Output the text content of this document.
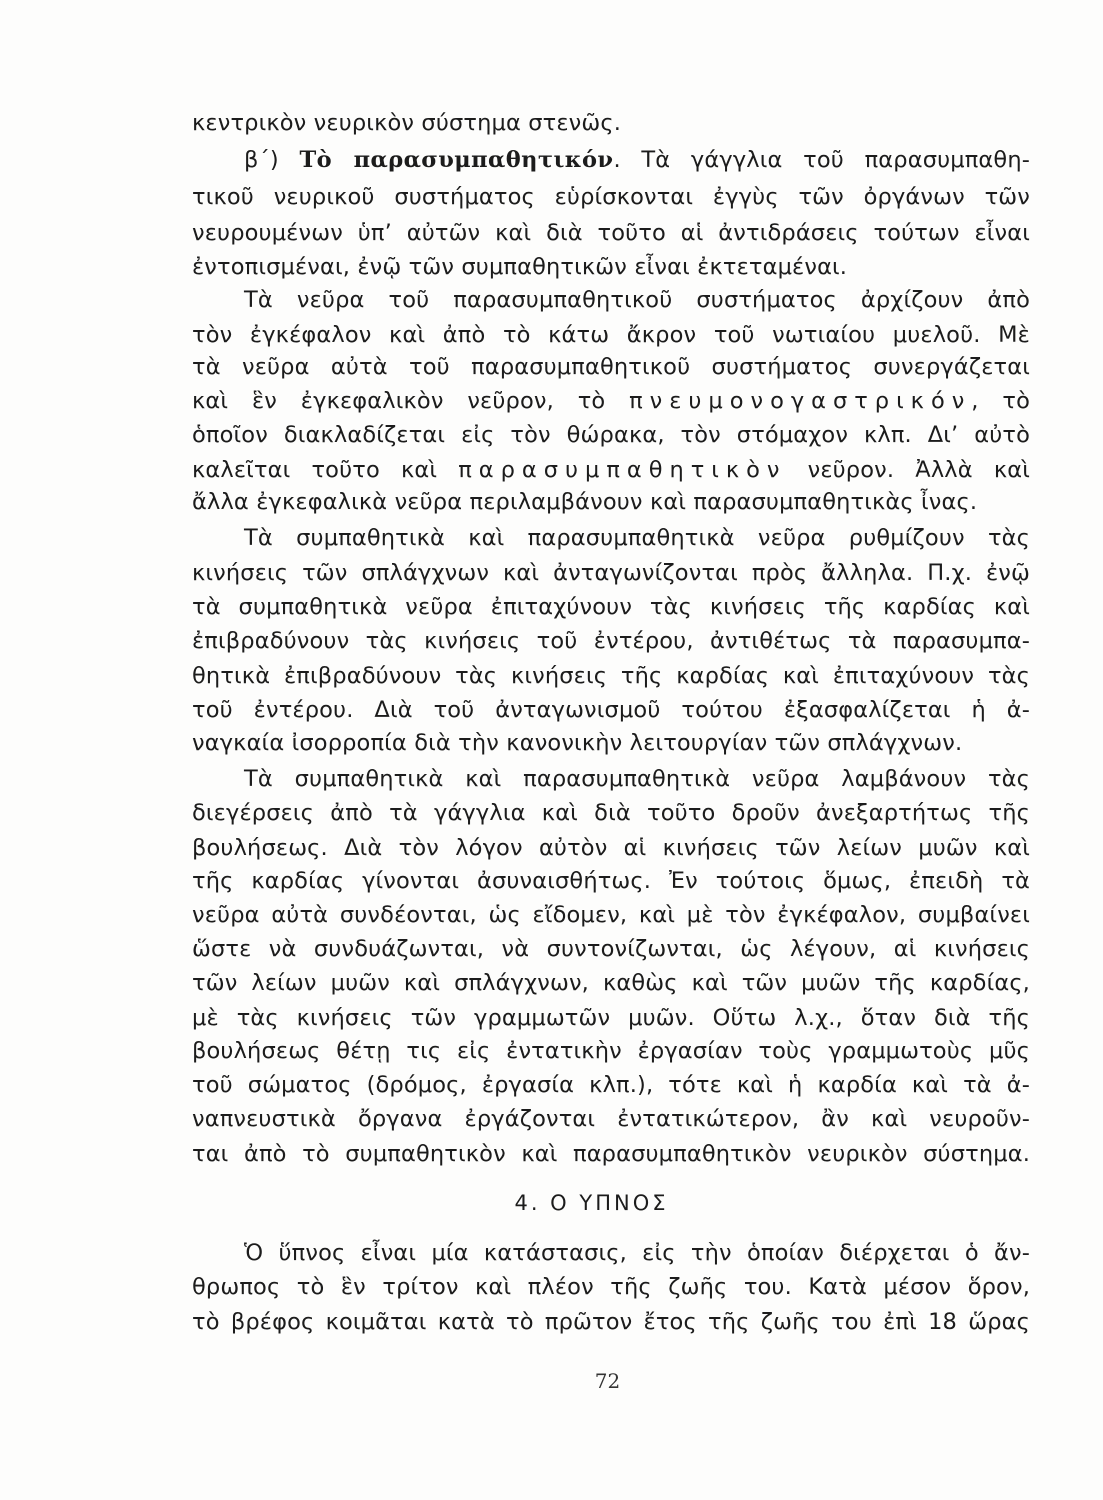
κεντρικὸν νευρικὸν σύστημα στενῶς.
β΄) Τὸ παρασυμπαθητικόν. Τὰ γάγγλια τοῦ παρασυμπαθη-
τικοῦ νευρικοῦ συστήματος εὑρίσκονται ἐγγὺς τῶν ὀργάνων τῶν
νευρουμένων ὑπ’ αὐτῶν καὶ διὰ τοῦτο αἱ ἀντιδράσεις τούτων εἶναι
ἐντοπισμέναι, ἐνῷ τῶν συμπαθητικῶν εἶναι ἐκτεταμέναι.
Τὰ νεῦρα τοῦ παρασυμπαθητικοῦ συστήματος ἀρχίζουν ἀπὸ
τὸν ἐγκέφαλον καὶ ἀπὸ τὸ κάτω ἄκρον τοῦ νωτιαίου μυελοῦ. Μὲ
τὰ νεῦρα αὐτὰ τοῦ παρασυμπαθητικοῦ συστήματος συνεργάζεται
καὶ ἓν ἐγκεφαλικὸν νεῦρον, τὸ πνευμονογαστρικόν, τὸ
ὁποῖον διακλαδίζεται εἰς τὸν θώρακα, τὸν στόμαχον κλπ. Δι’ αὐτὸ
καλεῖται τοῦτο καὶ παρασυμπαθητικὸν νεῦρον. Ἀλλὰ καὶ
ἄλλα ἐγκεφαλικὰ νεῦρα περιλαμβάνουν καὶ παρασυμπαθητικὰς ἶνας.
Τὰ συμπαθητικὰ καὶ παρασυμπαθητικὰ νεῦρα ρυθμίζουν τὰς
κινήσεις τῶν σπλάγχνων καὶ ἀνταγωνίζονται πρὸς ἄλληλα. Π.χ. ἐνῷ
τὰ συμπαθητικὰ νεῦρα ἐπιταχύνουν τὰς κινήσεις τῆς καρδίας καὶ
ἐπιβραδύνουν τὰς κινήσεις τοῦ ἐντέρου, ἀντιθέτως τὰ παρασυμπα-
θητικὰ ἐπιβραδύνουν τὰς κινήσεις τῆς καρδίας καὶ ἐπιταχύνουν τὰς
τοῦ ἐντέρου. Διὰ τοῦ ἀνταγωνισμοῦ τούτου ἐξασφαλίζεται ἡ ἀ-
ναγκαία ἰσορροπία διὰ τὴν κανονικὴν λειτουργίαν τῶν σπλάγχνων.
Τὰ συμπαθητικὰ καὶ παρασυμπαθητικὰ νεῦρα λαμβάνουν τὰς
διεγέρσεις ἀπὸ τὰ γάγγλια καὶ διὰ τοῦτο δροῦν ἀνεξαρτήτως τῆς
βουλήσεως. Διὰ τὸν λόγον αὐτὸν αἱ κινήσεις τῶν λείων μυῶν καὶ
τῆς καρδίας γίνονται ἀσυναισθήτως. Ἐν τούτοις ὅμως, ἐπειδὴ τὰ
νεῦρα αὐτὰ συνδέονται, ὡς εἴδομεν, καὶ μὲ τὸν ἐγκέφαλον, συμβαίνει
ὥστε νὰ συνδυάζωνται, νὰ συντονίζωνται, ὡς λέγουν, αἱ κινήσεις
τῶν λείων μυῶν καὶ σπλάγχνων, καθὼς καὶ τῶν μυῶν τῆς καρδίας,
μὲ τὰς κινήσεις τῶν γραμμωτῶν μυῶν. Οὕτω λ.χ., ὅταν διὰ τῆς
βουλήσεως θέτῃ τις εἰς ἐντατικὴν ἐργασίαν τοὺς γραμμωτοὺς μῦς
τοῦ σώματος (δρόμος, ἐργασία κλπ.), τότε καὶ ἡ καρδία καὶ τὰ ἀ-
ναπνευστικὰ ὄργανα ἐργάζονται ἐντατικώτερον, ἂν καὶ νευροῦν-
ται ἀπὸ τὸ συμπαθητικὸν καὶ παρασυμπαθητικὸν νευρικὸν σύστημα.
Ὁ ὕπνος εἶναι μία κατάστασις, εἰς τὴν ὁποίαν διέρχεται ὁ ἄν-
θρωπος τὸ ἓν τρίτον καὶ πλέον τῆς ζωῆς του. Κατὰ μέσον ὅρον,
τὸ βρέφος κοιμᾶται κατὰ τὸ πρῶτον ἔτος τῆς ζωῆς του ἐπὶ 18 ὥρας
4. Ο ΥΠΝΟΣ
72
